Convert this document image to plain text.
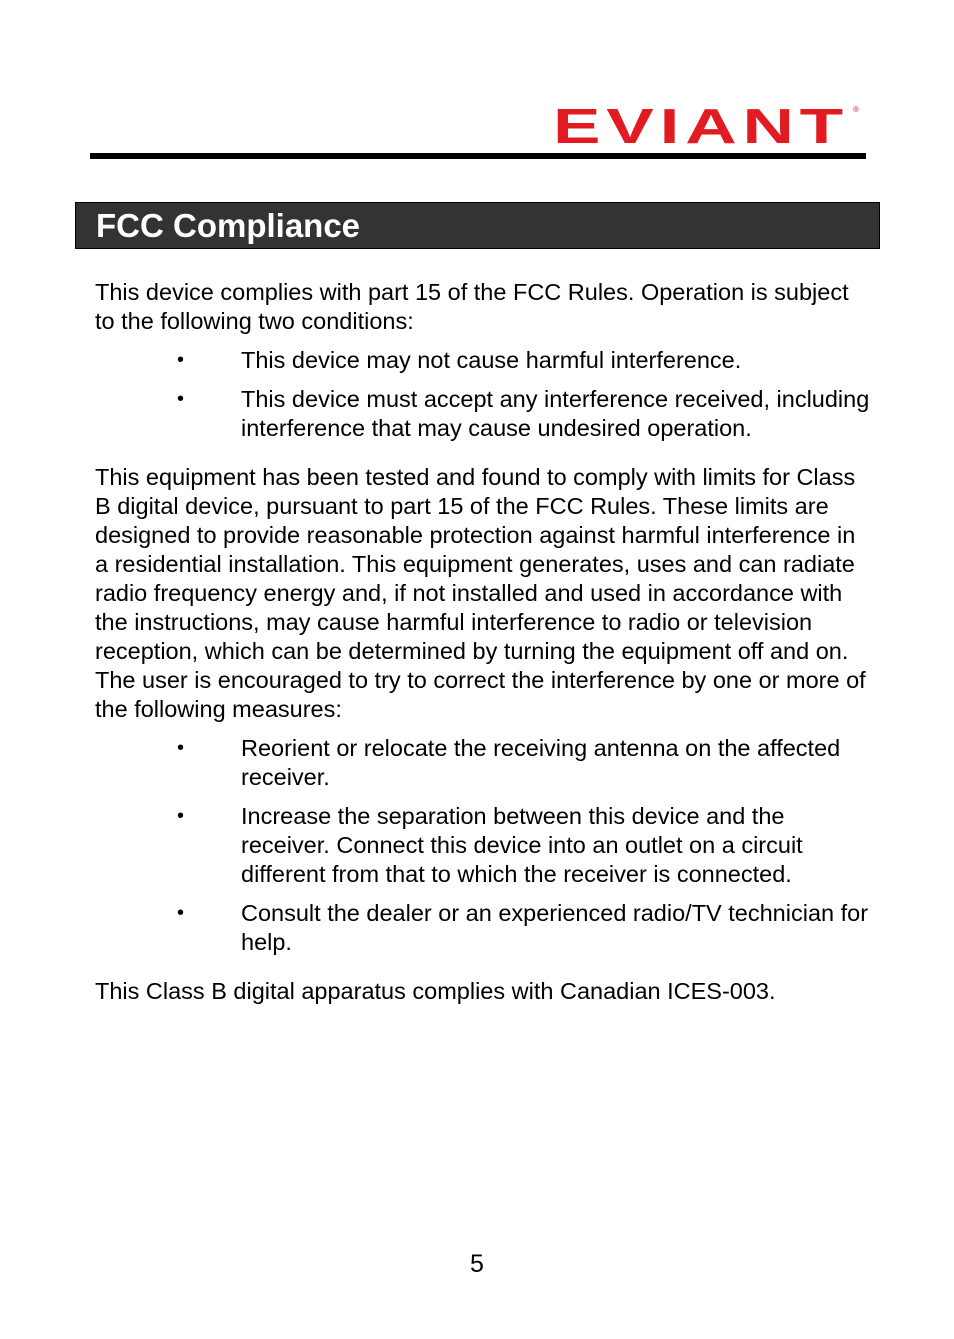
EVIANT ®
FCC Compliance

This device complies with part 15 of the FCC Rules. Operation is subject to the following two conditions:

• This device may not cause harmful interference.
• This device must accept any interference received, including interference that may cause undesired operation.

This equipment has been tested and found to comply with limits for Class B digital device, pursuant to part 15 of the FCC Rules. These limits are designed to provide reasonable protection against harmful interference in a residential installation. This equipment generates, uses and can radiate radio frequency energy and, if not installed and used in accordance with the instructions, may cause harmful interference to radio or television reception, which can be determined by turning the equipment off and on. The user is encouraged to try to correct the interference by one or more of the following measures:

• Reorient or relocate the receiving antenna on the affected receiver.
• Increase the separation between this device and the receiver. Connect this device into an outlet on a circuit different from that to which the receiver is connected.
• Consult the dealer or an experienced radio/TV technician for help.

This Class B digital apparatus complies with Canadian ICES-003.

5
